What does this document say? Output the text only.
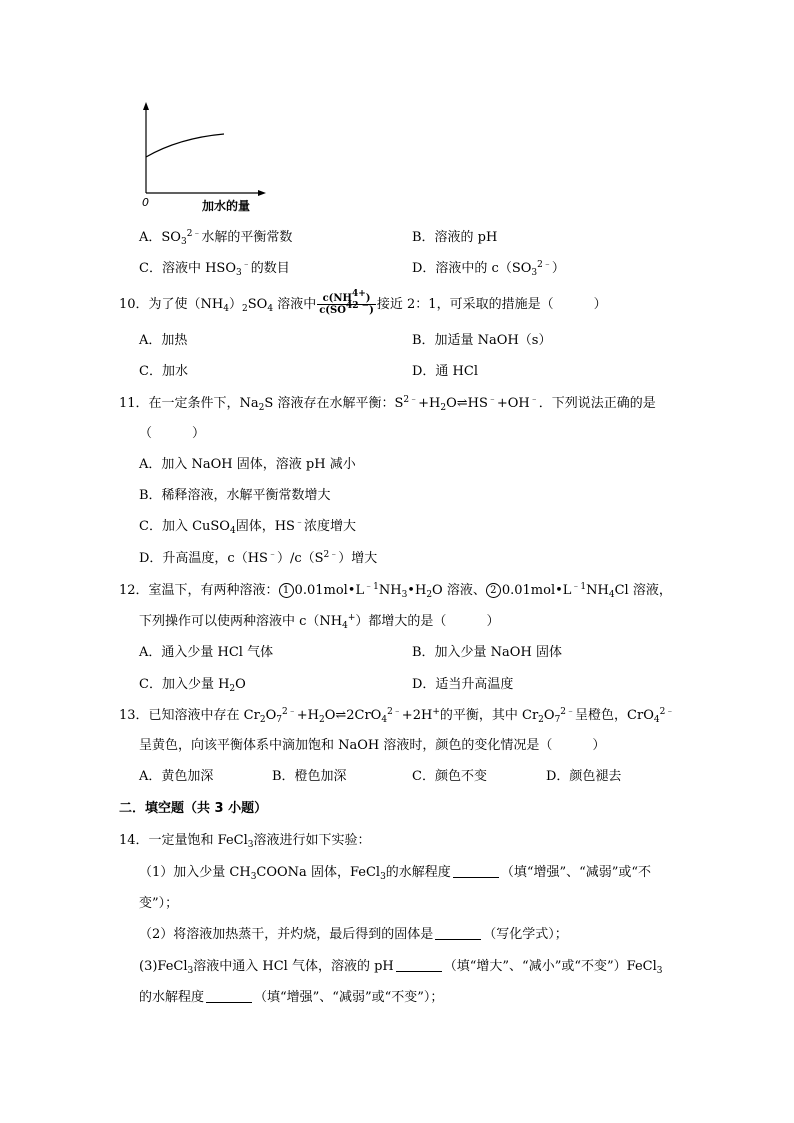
0	加水的量
A．$SO_3^{2﹣}$水解的平衡常数	B．溶液的 pH
C．溶液中 $HSO_3^﹣$的数目	D．溶液中的 $c(SO_3^{2﹣})$
10．为了使$(NH_4)_2SO_4$ 溶液中 $\frac{c(NH^{4+})}{c(SO^{42 -})}$ 接近 2：1，可采取的措施是（	）
A．加热	B．加适量 NaOH（s）
C．加水	D．通 HCl
11．在一定条件下，$Na_2S$ 溶液存在水解平衡：$S^{2﹣}+H_2O\rightleftharpoons HS^﹣+OH^﹣$．下列说法正确的是
（	）
A．加入 NaOH 固体，溶液 pH 减小
B．稀释溶液，水解平衡常数增大
C．加入 CuSO$_4$固体，HS﹣浓度增大
D．升高温度，$c(HS^﹣)/c(S^{2﹣})$增大
12．室温下，有两种溶液： 1 $0.01mol•L^{﹣1}NH_3•H_2O$ 溶液、 2 $0.01mol•L^{﹣1}NH_4Cl$ 溶液，
下列操作可以使两种溶液中 $c(NH_4^+)$都增大的是（	）
A．通入少量 HCl 气体	B．加入少量 NaOH 固体
C．加入少量 $H_2O$	D．适当升高温度
13．已知溶液中存在 $Cr_2O_7^{2﹣}+H_2O\rightleftharpoons 2CrO_4^{2﹣}+2H^+$的平衡，其中 $Cr_2O_7^{2﹣}$呈橙色，CrO$_4^{2﹣}$
呈黄色，向该平衡体系中滴加饱和 NaOH 溶液时，颜色的变化情况是（	）
A．黄色加深	B．橙色加深	C．颜色不变	D．颜色褪去
二．填空题（共 3 小题）
14．一定量饱和 FeCl$_3$溶液进行如下实验：
（1）加入少量 $CH_3COONa$ 固体，FeCl$_3$的水解程度	（填“增强”、“减弱”或“不
变”）；
（2）将溶液加热蒸干，并灼烧，最后得到的固体是	（写化学式）；
(3)FeCl$_3$溶液中通入 HCl 气体，溶液的 pH	（填“增大”、“减小”或“不变”）FeCl$_3$
的水解程度	（填“增强”、“减弱”或“不变”）；
